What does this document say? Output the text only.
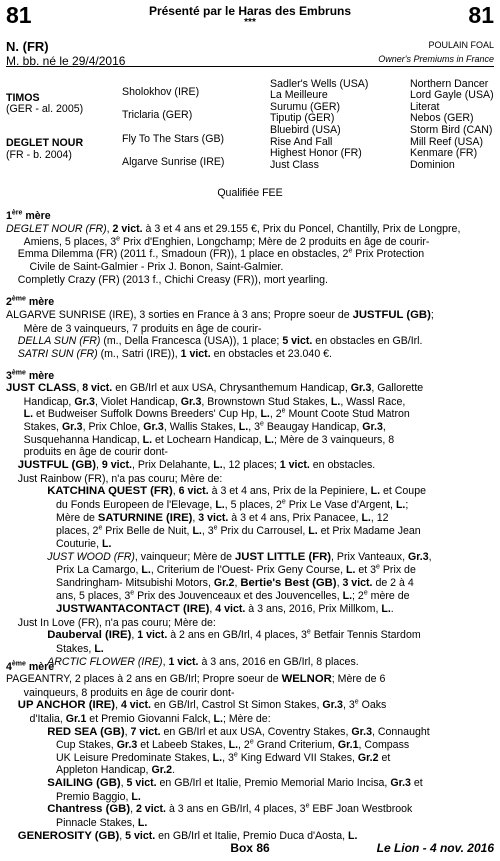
81	81
Présenté par le Haras des Embruns
***
N. (FR)
M. bb. né le 29/4/2016
POULAIN FOAL
Owner's Premiums in France
TIMOS
(GER - al. 2005)
DEGLET NOUR
(FR - b. 2004)
Sholokhov (IRE)
Triclaria (GER)
Fly To The Stars (GB)
Algarve Sunrise (IRE)
Sadler's Wells (USA)
La Meilleure
Surumu (GER)
Tiputip (GER)
Bluebird (USA)
Rise And Fall
Highest Honor (FR)
Just Class
Northern Dancer
Lord Gayle (USA)
Literat
Nebos (GER)
Storm Bird (CAN)
Mill Reef (USA)
Kenmare (FR)
Dominion
Qualifiée FEE
1ère mère
DEGLET NOUR (FR), 2 vict. à 3 et 4 ans et 29.155 €, Prix du Poncel, Chantilly, Prix de Longpre,
Amiens, 5 places, 3e Prix d'Enghien, Longchamp; Mère de 2 produits en âge de courir-
Emma Dilemma (FR) (2011 f., Smadoun (FR)), 1 place en obstacles, 2e Prix Protection
Civile de Saint-Galmier - Prix J. Bonon, Saint-Galmier.
Completly Crazy (FR) (2013 f., Chichi Creasy (FR)), mort yearling.
2ème mère
ALGARVE SUNRISE (IRE), 3 sorties en France à 3 ans; Propre soeur de JUSTFUL (GB);
Mère de 3 vainqueurs, 7 produits en âge de courir-
DELLA SUN (FR) (m., Della Francesca (USA)), 1 place; 5 vict. en obstacles en GB/Irl.
SATRI SUN (FR) (m., Satri (IRE)), 1 vict. en obstacles et 23.040 €.
3ème mère
JUST CLASS, 8 vict. en GB/Irl et aux USA, Chrysanthemum Handicap, Gr.3, Gallorette
Handicap, Gr.3, Violet Handicap, Gr.3, Brownstown Stud Stakes, L., Wassl Race,
L. et Budweiser Suffolk Downs Breeders' Cup Hp, L., 2e Mount Coote Stud Matron
Stakes, Gr.3, Prix Chloe, Gr.3, Wallis Stakes, L., 3e Beaugay Handicap, Gr.3,
Susquehanna Handicap, L. et Lochearn Handicap, L.; Mère de 3 vainqueurs, 8
produits en âge de courir dont-
JUSTFUL (GB), 9 vict., Prix Delahante, L., 12 places; 1 vict. en obstacles.
Just Rainbow (FR), n'a pas couru; Mère de:
KATCHINA QUEST (FR), 6 vict. à 3 et 4 ans, Prix de la Pepiniere, L. et Coupe
du Fonds Europeen de l'Elevage, L., 5 places, 2e Prix Le Vase d'Argent, L.;
Mère de SATURNINE (IRE), 3 vict. à 3 et 4 ans, Prix Panacee, L., 12
places, 2e Prix Belle de Nuit, L., 3e Prix du Carrousel, L. et Prix Madame Jean
Couturie, L.
JUST WOOD (FR), vainqueur; Mère de JUST LITTLE (FR), Prix Vanteaux, Gr.3,
Prix La Camargo, L., Criterium de l'Ouest- Prix Geny Course, L. et 3e Prix de
Sandringham- Mitsubishi Motors, Gr.2, Bertie's Best (GB), 3 vict. de 2 à 4
ans, 5 places, 3e Prix des Jouvenceaux et des Jouvencelles, L.; 2e mère de
JUSTWANTACONTACT (IRE), 4 vict. à 3 ans, 2016, Prix Millkom, L..
Just In Love (FR), n'a pas couru; Mère de:
Dauberval (IRE), 1 vict. à 2 ans en GB/Irl, 4 places, 3e Betfair Tennis Stardom
Stakes, L.
ARCTIC FLOWER (IRE), 1 vict. à 3 ans, 2016 en GB/Irl, 8 places.
4ème mère
PAGEANTRY, 2 places à 2 ans en GB/Irl; Propre soeur de WELNOR; Mère de 6
vainqueurs, 8 produits en âge de courir dont-
UP ANCHOR (IRE), 4 vict. en GB/Irl, Castrol St Simon Stakes, Gr.3, 3e Oaks
d'Italia, Gr.1 et Premio Giovanni Falck, L.; Mère de:
RED SEA (GB), 7 vict. en GB/Irl et aux USA, Coventry Stakes, Gr.3, Connaught
Cup Stakes, Gr.3 et Labeeb Stakes, L., 2e Grand Criterium, Gr.1, Compass
UK Leisure Predominate Stakes, L., 3e King Edward VII Stakes, Gr.2 et
Appleton Handicap, Gr.2.
SAILING (GB), 5 vict. en GB/Irl et Italie, Premio Memorial Mario Incisa, Gr.3 et
Premio Baggio, L.
Chantress (GB), 2 vict. à 3 ans en GB/Irl, 4 places, 3e EBF Joan Westbrook
Pinnacle Stakes, L.
GENEROSITY (GB), 5 vict. en GB/Irl et Italie, Premio Duca d'Aosta, L.
Box 86	Le Lion - 4 nov. 2016
